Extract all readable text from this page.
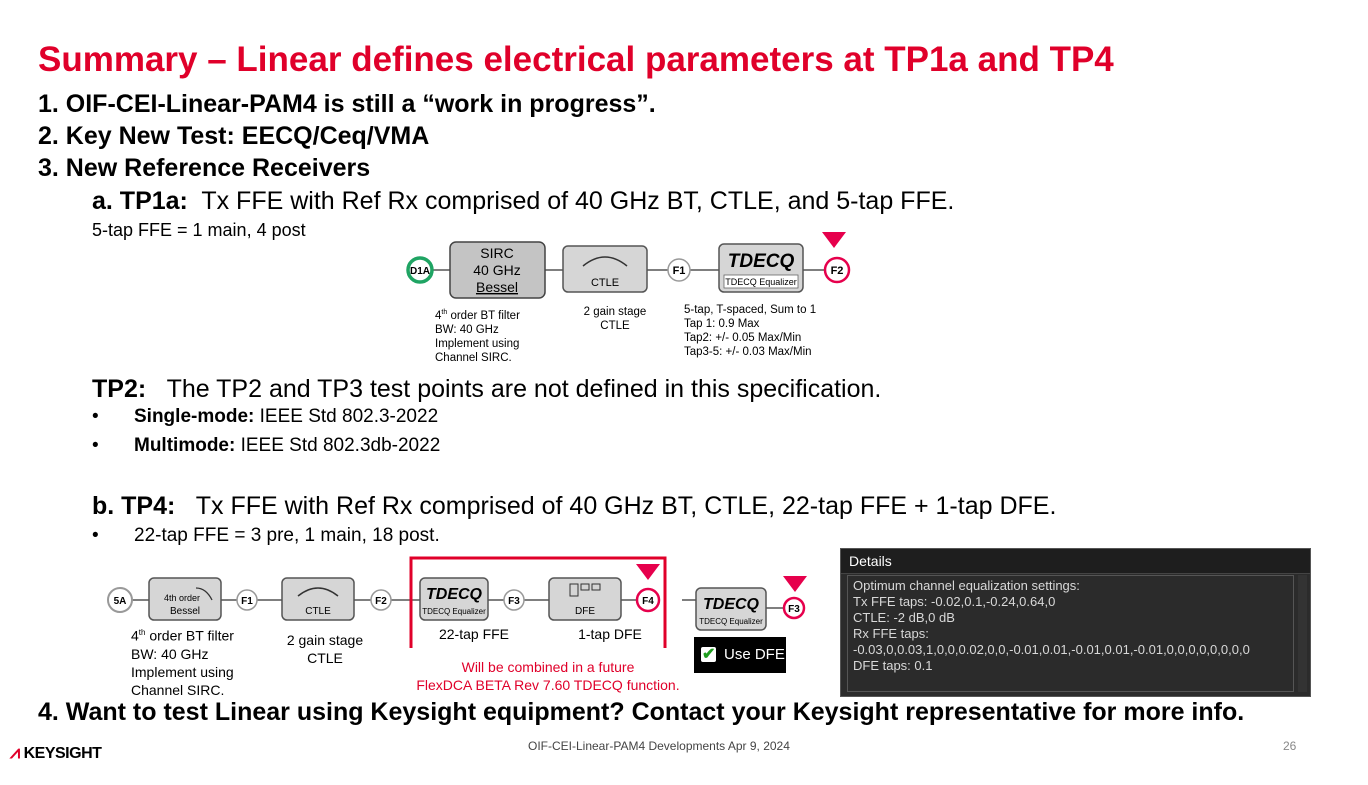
Summary – Linear defines electrical parameters at TP1a and TP4
1. OIF-CEI-Linear-PAM4 is still a “work in progress”.
2. Key New Test: EECQ/Ceq/VMA
3. New Reference Receivers
a. TP1a: Tx FFE with Ref Rx comprised of 40 GHz BT, CTLE, and 5-tap FFE.
5-tap FFE = 1 main, 4 post
D1A
SIRC
40 GHz
Bessel	CTLE
F1 TDECQ
TDECQ Equalizer
F2
4th order BT filter
BW: 40 GHz
Implement using
Channel SIRC.
2 gain stage
CTLE
5-tap, T-spaced, Sum to 1
Tap 1: 0.9 Max
Tap2: +/- 0.05 Max/Min
Tap3-5: +/- 0.03 Max/Min
TP2: The TP2 and TP3 test points are not defined in this specification.
• Single-mode: IEEE Std 802.3-2022
• Multimode: IEEE Std 802.3db-2022
b. TP4: Tx FFE with Ref Rx comprised of 40 GHz BT, CTLE, 22-tap FFE + 1-tap DFE.
• 22-tap FFE = 3 pre, 1 main, 18 post.
5A	4th order
Bessel
F1
CTLE
F2 TDECQ
TDECQ Equalizer
F3
DFE
F4
22-tap FFE	1-tap DFE
TDECQ
TDECQ Equalizer
F3
4th order BT filter
BW: 40 GHz
Implement using
Channel SIRC.
2 gain stage
CTLE
Will be combined in a future
FlexDCA BETA Rev 7.60 TDECQ function.
✔ Use DFE
Details
Optimum channel equalization settings:
Tx FFE taps: -0.02,0.1,-0.24,0.64,0
CTLE: -2 dB,0 dB
Rx FFE taps:
-0.03,0,0.03,1,0,0,0.02,0,0,-0.01,0.01,-0.01,0.01,-0.01,0,0,0,0,0,0,0,0
DFE taps: 0.1
4. Want to test Linear using Keysight equipment? Contact your Keysight representative for more info.
⩘ KEYSIGHT	OIF-CEI-Linear-PAM4 Developments Apr 9, 2024	26
